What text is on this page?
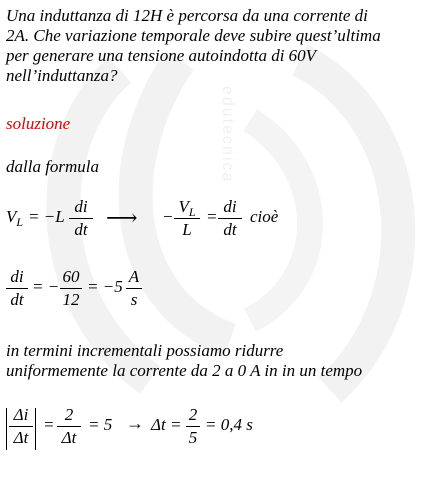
edutecnica
Una induttanza di 12H è percorsa da una corrente di
2A. Che variazione temporale deve subire quest’ultima
per generare una tensione autoindotta di 60V
nell’induttanza?
soluzione
dalla formula
$V_L = -L$
di
dt ⟶ −
$V_L$
L
=
di
dt
cioè
di
dt
= −
60
12
= −5
A
s
in termini incrementali possiamo ridurre
uniformemente la corrente da 2 a 0 A in in un tempo
Δi
Δt
=
2
Δt
= 5 → Δt =
2
5
= 0,4 s
